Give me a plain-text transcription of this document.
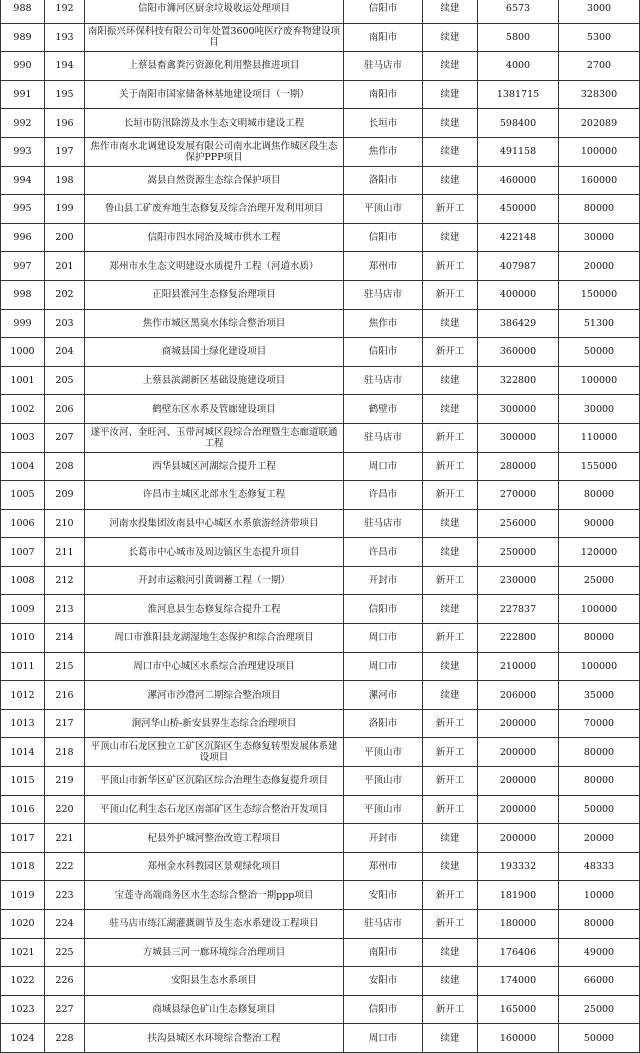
988	192	信阳市浉河区厨余垃圾收运处理项目	信阳市	续建	6573	3000
989	193	南阳振兴环保科技有限公司年处置3600吨医疗废弃物建设项目	南阳市	续建	5800	5300
990	194	上蔡县畜禽粪污资源化利用整县推进项目	驻马店市	续建	4000	2700
991	195	关于南阳市国家储备林基地建设项目（一期）	南阳市	续建	1381715	328300
992	196	长垣市防汛除涝及水生态文明城市建设工程	长垣市	续建	598400	202089
993	197	焦作市南水北调建设发展有限公司南水北调焦作城区段生态保护PPP项目	焦作市	续建	491158	100000
994	198	嵩县自然资源生态综合保护项目	洛阳市	续建	460000	160000
995	199	鲁山县工矿废弃地生态修复及综合治理开发利用项目	平顶山市	新开工	450000	80000
996	200	信阳市四水同治及城市供水工程	信阳市	续建	422148	30000
997	201	郑州市水生态文明建设水质提升工程（河道水质）	郑州市	新开工	407987	20000
998	202	正阳县淮河生态修复治理项目	驻马店市	新开工	400000	150000
999	203	焦作市城区黑臭水体综合整治项目	焦作市	续建	386429	51300
1000	204	商城县国土绿化建设项目	信阳市	新开工	360000	50000
1001	205	上蔡县滨湖新区基础设施建设项目	驻马店市	续建	322800	100000
1002	206	鹤壁东区水系及管廊建设项目	鹤壁市	续建	300000	30000
1003	207	遂平汝河、奎旺河、玉带河城区段综合治理暨生态廊道联通工程	驻马店市	新开工	300000	110000
1004	208	西华县城区河湖综合提升工程	周口市	新开工	280000	155000
1005	209	许昌市主城区北部水生态修复工程	许昌市	新开工	270000	80000
1006	210	河南水投集团汝南县中心城区水系旅游经济带项目	驻马店市	续建	256000	90000
1007	211	长葛市中心城市及周边镇区生态提升项目	许昌市	续建	250000	120000
1008	212	开封市运粮河引黄调蓄工程（一期）	开封市	新开工	230000	25000
1009	213	淮河息县生态修复综合提升工程	信阳市	续建	227837	100000
1010	214	周口市淮阳县龙湖湿地生态保护和综合治理项目	周口市	新开工	222800	80000
1011	215	周口市中心城区水系综合治理建设项目	周口市	续建	210000	100000
1012	216	漯河市沙澧河二期综合整治项目	漯河市	续建	206000	35000
1013	217	涧河华山桥-新安县界生态综合治理项目	洛阳市	新开工	200000	70000
1014	218	平顶山市石龙区独立工矿区沉陷区生态修复转型发展体系建设项目	平顶山市	新开工	200000	80000
1015	219	平顶山市新华区矿区沉陷区综合治理生态修复提升项目	平顶山市	新开工	200000	80000
1016	220	平顶山亿利生态石龙区南部矿区生态综合整治开发项目	平顶山市	新开工	200000	50000
1017	221	杞县外护城河整治改造工程项目	开封市	续建	200000	20000
1018	222	郑州金水科教园区景观绿化项目	郑州市	续建	193332	48333
1019	223	宝莲寺高端商务区水生态综合整治一期ppp项目	安阳市	新开工	181900	10000
1020	224	驻马店市练江湖灌溉调节及生态水系建设工程项目	驻马店市	新开工	180000	80000
1021	225	方城县三河一廊环境综合治理项目	南阳市	续建	176406	49000
1022	226	安阳县生态水系项目	安阳市	续建	174000	66000
1023	227	商城县绿色矿山生态修复项目	信阳市	新开工	165000	25000
1024	228	扶沟县城区水环境综合整治工程	周口市	续建	160000	50000
